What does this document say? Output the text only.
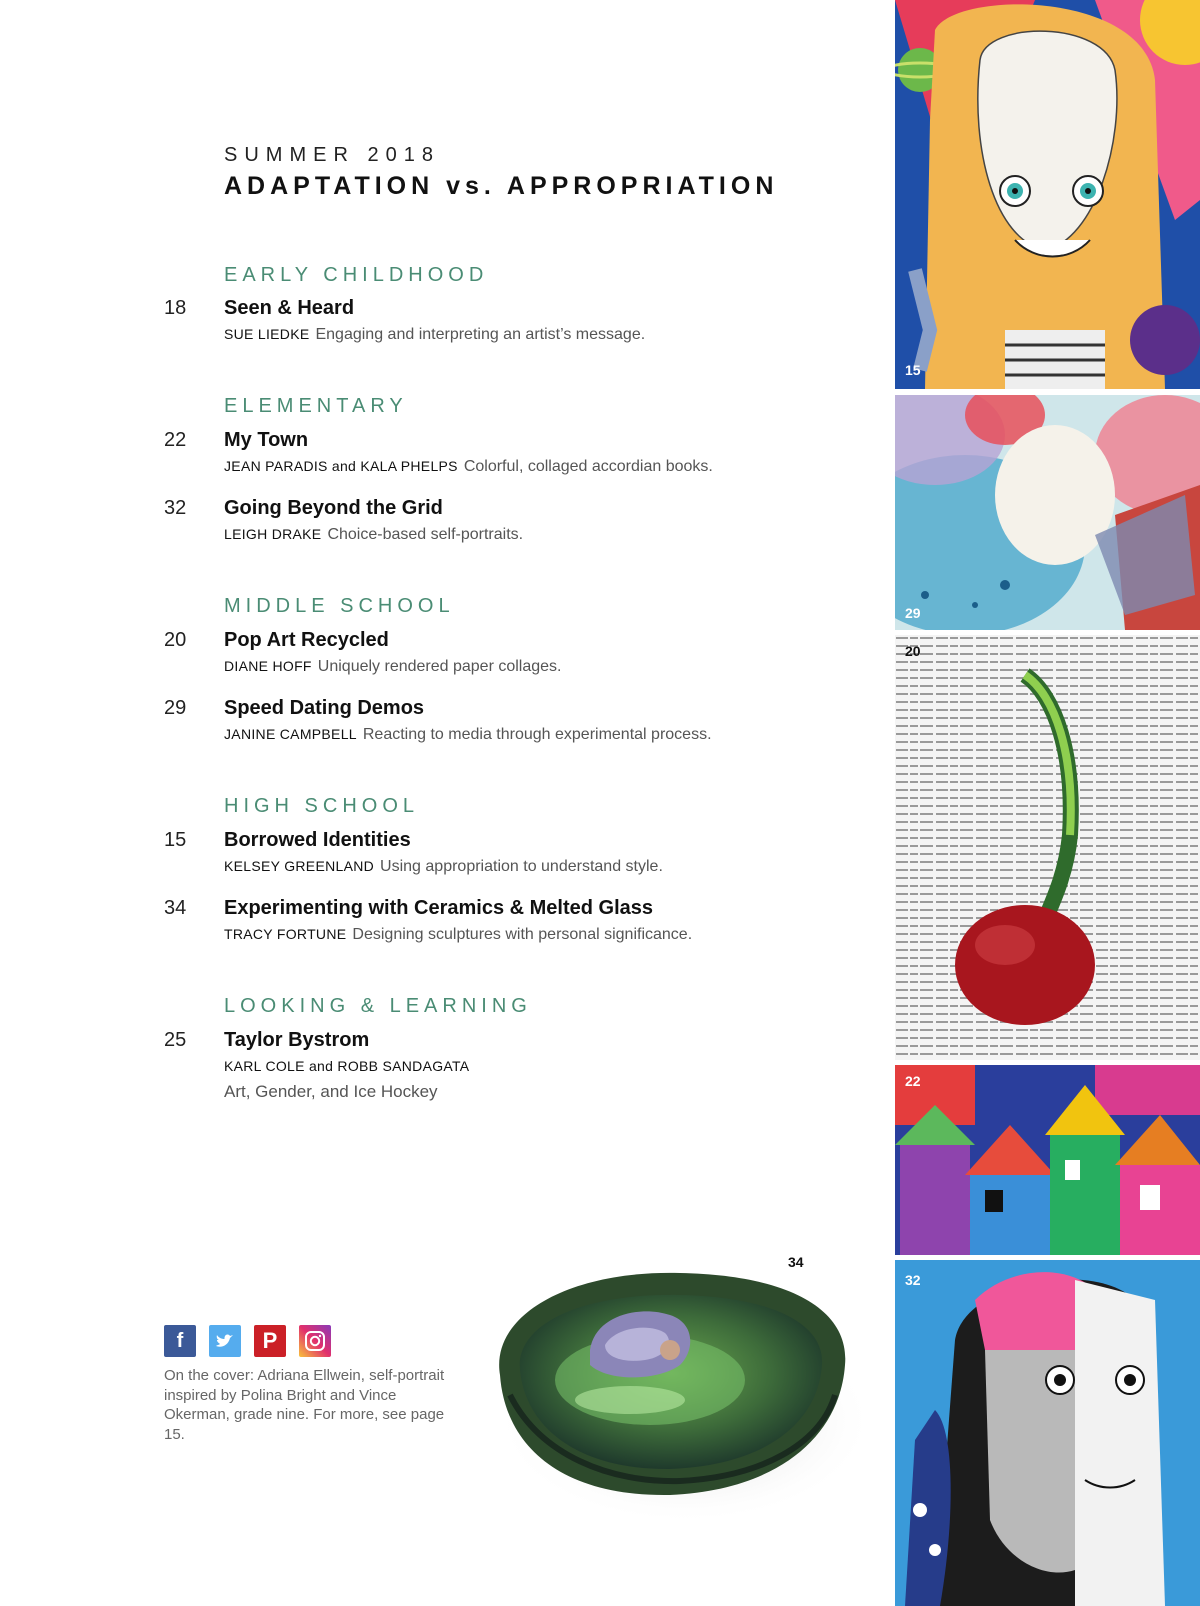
SUMMER 2018
ADAPTATION vs. APPROPRIATION
EARLY CHILDHOOD
18 Seen & Heard
SUE LIEDKE Engaging and interpreting an artist’s message.
ELEMENTARY
22 My Town
JEAN PARADIS and KALA PHELPS Colorful, collaged accordian books.
32 Going Beyond the Grid
LEIGH DRAKE Choice-based self-portraits.
MIDDLE SCHOOL
20 Pop Art Recycled
DIANE HOFF Uniquely rendered paper collages.
29 Speed Dating Demos
JANINE CAMPBELL Reacting to media through experimental process.
HIGH SCHOOL
15 Borrowed Identities
KELSEY GREENLAND Using appropriation to understand style.
34 Experimenting with Ceramics & Melted Glass
TRACY FORTUNE Designing sculptures with personal significance.
LOOKING & LEARNING
25 Taylor Bystrom
KARL COLE and ROBB SANDAGATA
Art, Gender, and Ice Hockey
f	P
On the cover: Adriana Ellwein, self-portrait inspired by Polina Bright and Vince Okerman, grade nine. For more, see page 15.
34
15
29
20
22
32
